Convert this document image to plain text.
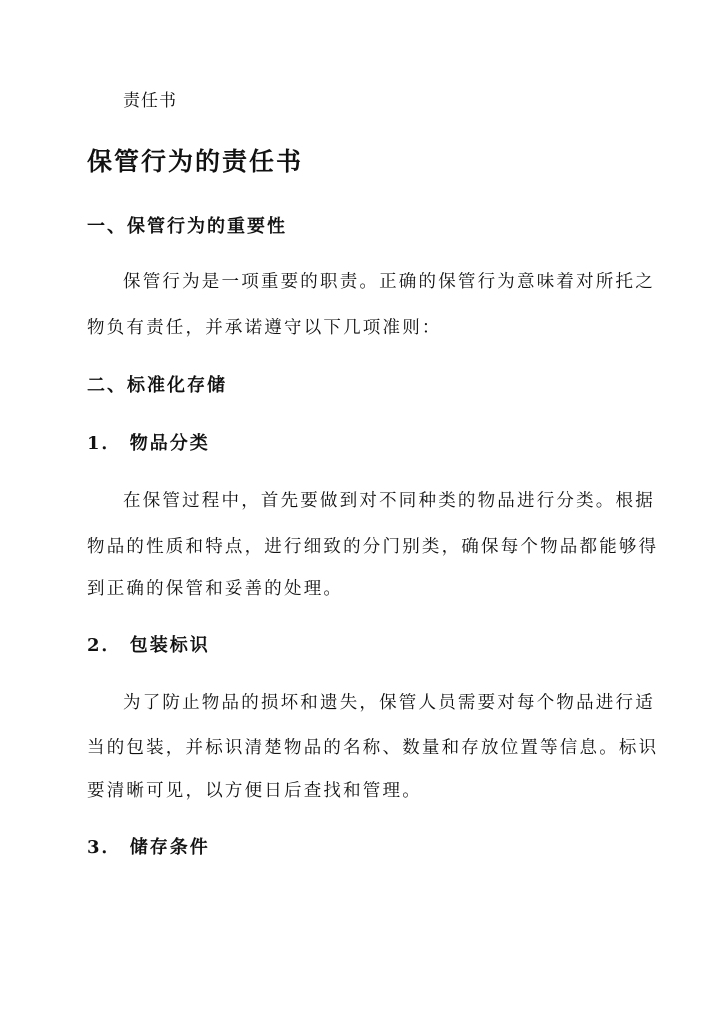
责任书
保管行为的责任书
一、保管行为的重要性
保管行为是一项重要的职责。正确的保管行为意味着对所托之
物负有责任，并承诺遵守以下几项准则：
二、标准化存储
1． 物品分类
在保管过程中，首先要做到对不同种类的物品进行分类。根据
物品的性质和特点，进行细致的分门别类，确保每个物品都能够得
到正确的保管和妥善的处理。
2． 包装标识
为了防止物品的损坏和遗失，保管人员需要对每个物品进行适
当的包装，并标识清楚物品的名称、数量和存放位置等信息。标识
要清晰可见，以方便日后查找和管理。
3． 储存条件
